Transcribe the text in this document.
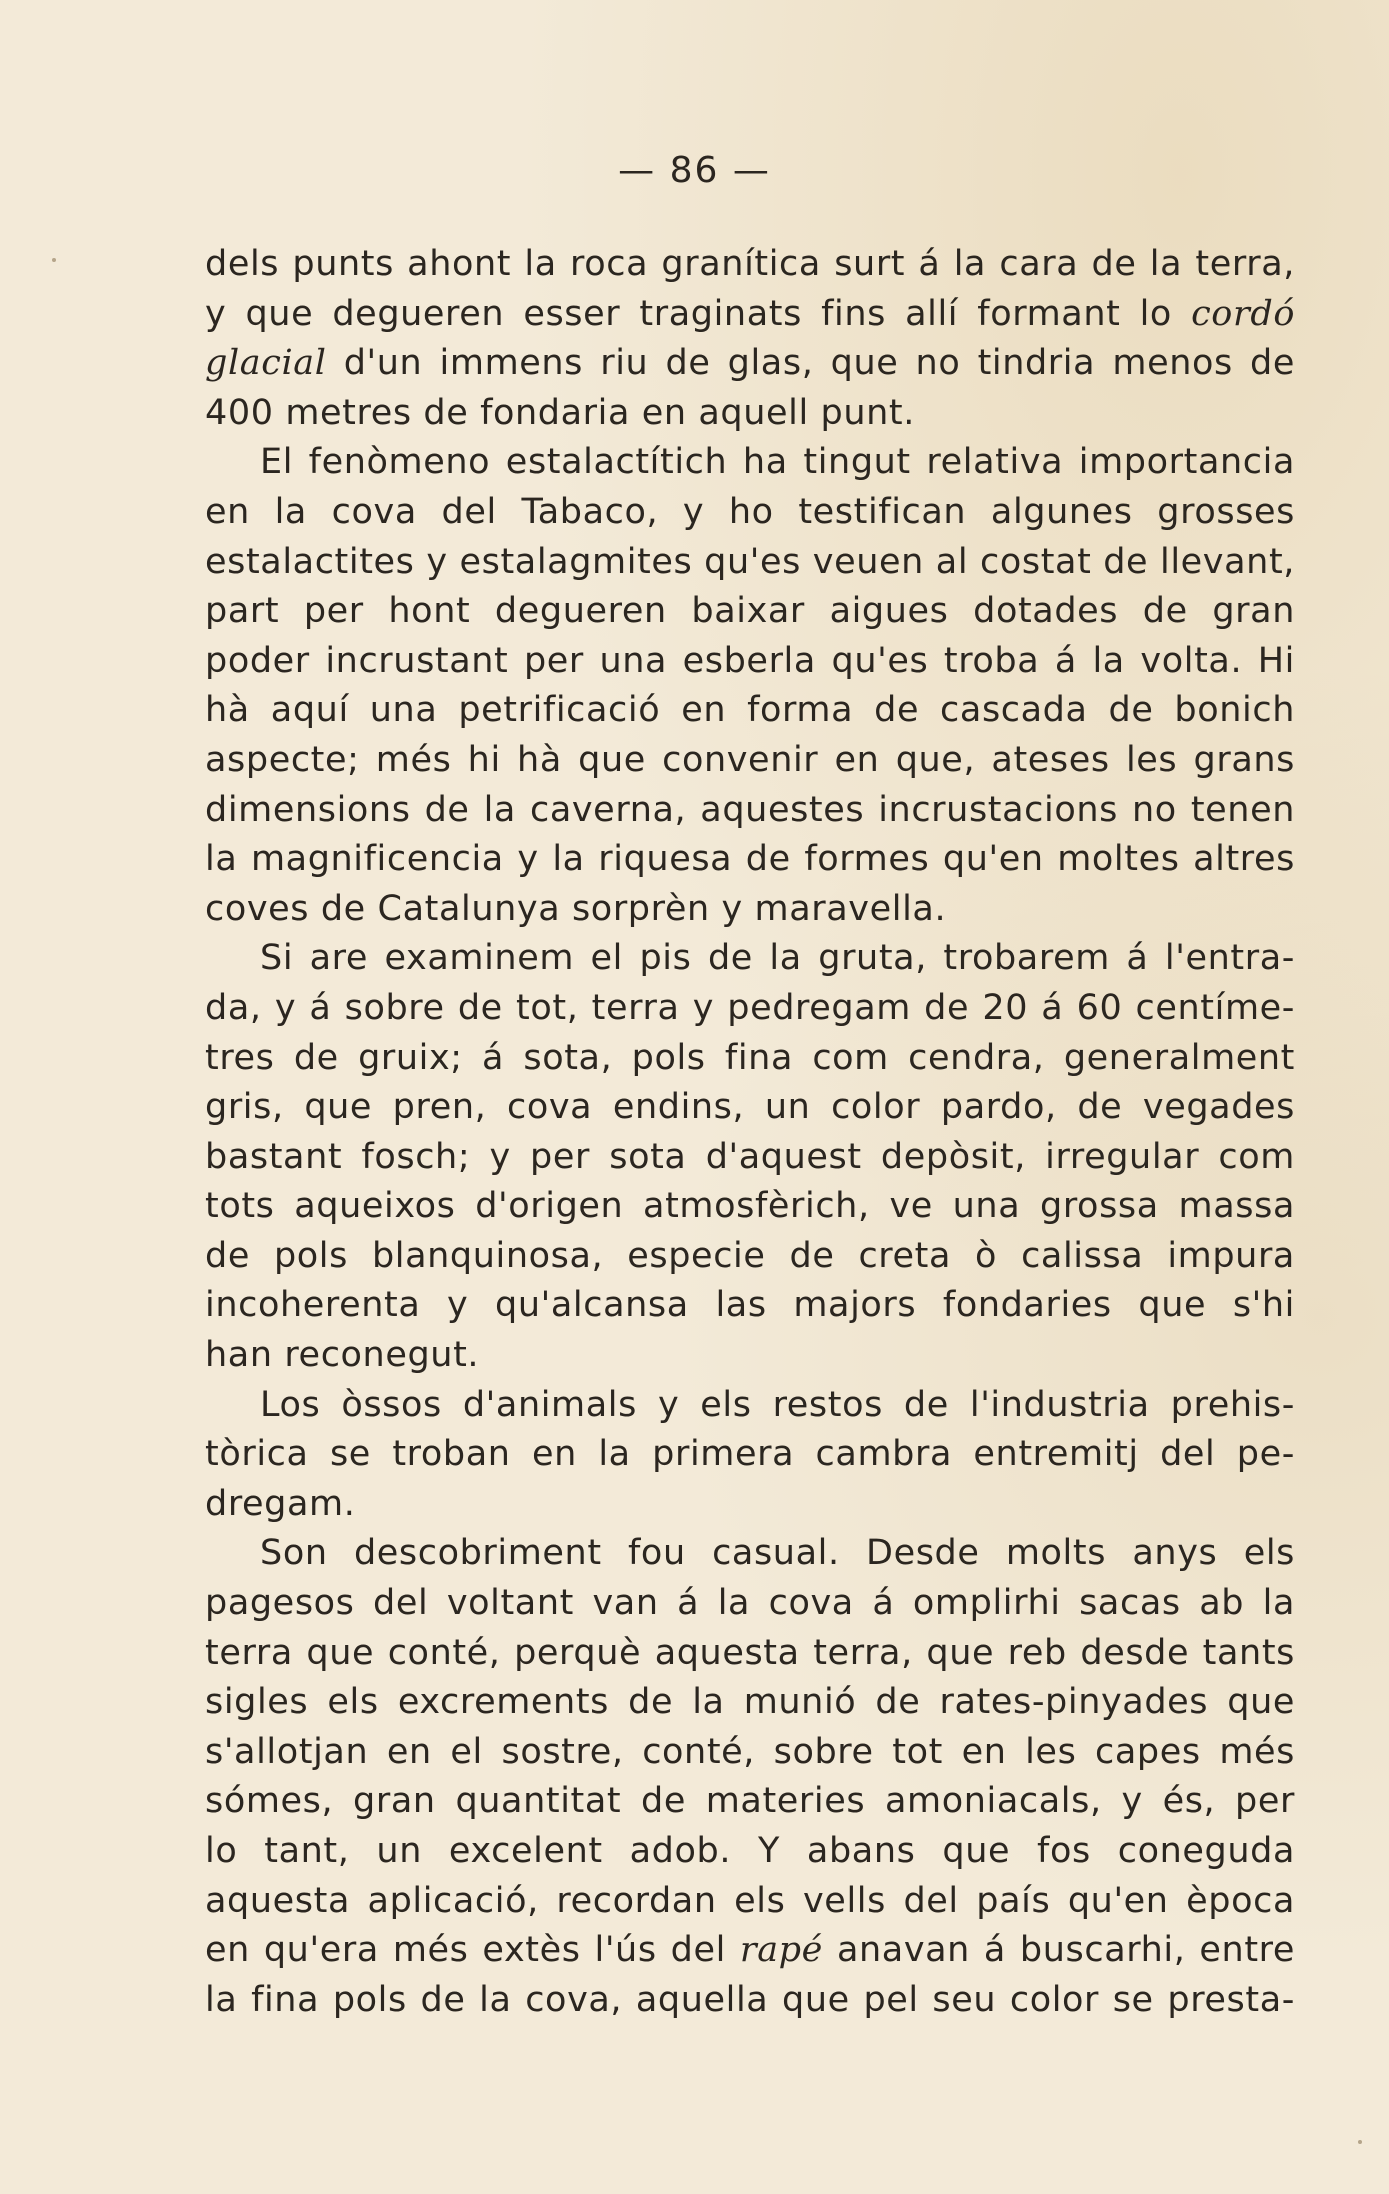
— 86 —
dels punts ahont la roca granítica surt á la cara de la terra,
y que degueren esser traginats fins allí formant lo cordó
glacial d'un immens riu de glas, que no tindria menos de
400 metres de fondaria en aquell punt.
El fenòmeno estalactítich ha tingut relativa importancia
en la cova del Tabaco, y ho testifican algunes grosses
estalactites y estalagmites qu'es veuen al costat de llevant,
part per hont degueren baixar aigues dotades de gran
poder incrustant per una esberla qu'es troba á la volta. Hi
hà aquí una petrificació en forma de cascada de bonich
aspecte; més hi hà que convenir en que, ateses les grans
dimensions de la caverna, aquestes incrustacions no tenen
la magnificencia y la riquesa de formes qu'en moltes altres
coves de Catalunya sorprèn y maravella.
Si are examinem el pis de la gruta, trobarem á l'entra-
da, y á sobre de tot, terra y pedregam de 20 á 60 centíme-
tres de gruix; á sota, pols fina com cendra, generalment
gris, que pren, cova endins, un color pardo, de vegades
bastant fosch; y per sota d'aquest depòsit, irregular com
tots aqueixos d'origen atmosfèrich, ve una grossa massa
de pols blanquinosa, especie de creta ò calissa impura
incoherenta y qu'alcansa las majors fondaries que s'hi
han reconegut.
Los òssos d'animals y els restos de l'industria prehis-
tòrica se troban en la primera cambra entremitj del pe-
dregam.
Son descobriment fou casual. Desde molts anys els
pagesos del voltant van á la cova á omplirhi sacas ab la
terra que conté, perquè aquesta terra, que reb desde tants
sigles els excrements de la munió de rates-pinyades que
s'allotjan en el sostre, conté, sobre tot en les capes més
sómes, gran quantitat de materies amoniacals, y és, per
lo tant, un excelent adob. Y abans que fos coneguda
aquesta aplicació, recordan els vells del país qu'en època
en qu'era més extès l'ús del rapé anavan á buscarhi, entre
la fina pols de la cova, aquella que pel seu color se presta-
